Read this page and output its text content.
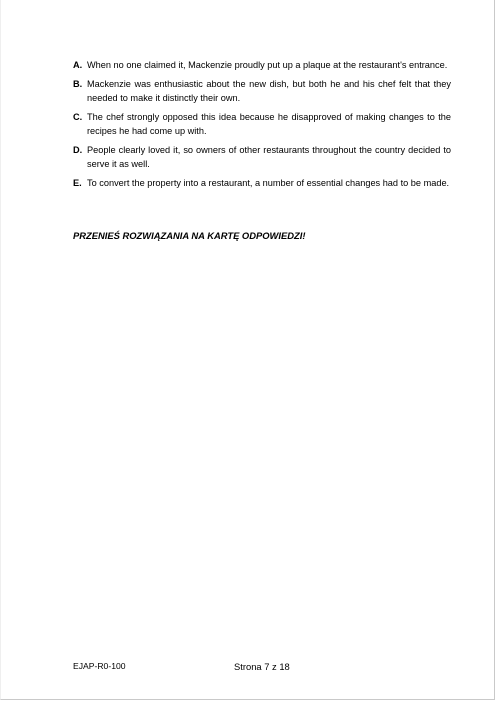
A. When no one claimed it, Mackenzie proudly put up a plaque at the restaurant's entrance.
B. Mackenzie was enthusiastic about the new dish, but both he and his chef felt that they needed to make it distinctly their own.
C. The chef strongly opposed this idea because he disapproved of making changes to the recipes he had come up with.
D. People clearly loved it, so owners of other restaurants throughout the country decided to serve it as well.
E. To convert the property into a restaurant, a number of essential changes had to be made.
PRZENIEŚ ROZWIĄZANIA NA KARTĘ ODPOWIEDZI!
EJAP-R0-100	Strona 7 z 18
